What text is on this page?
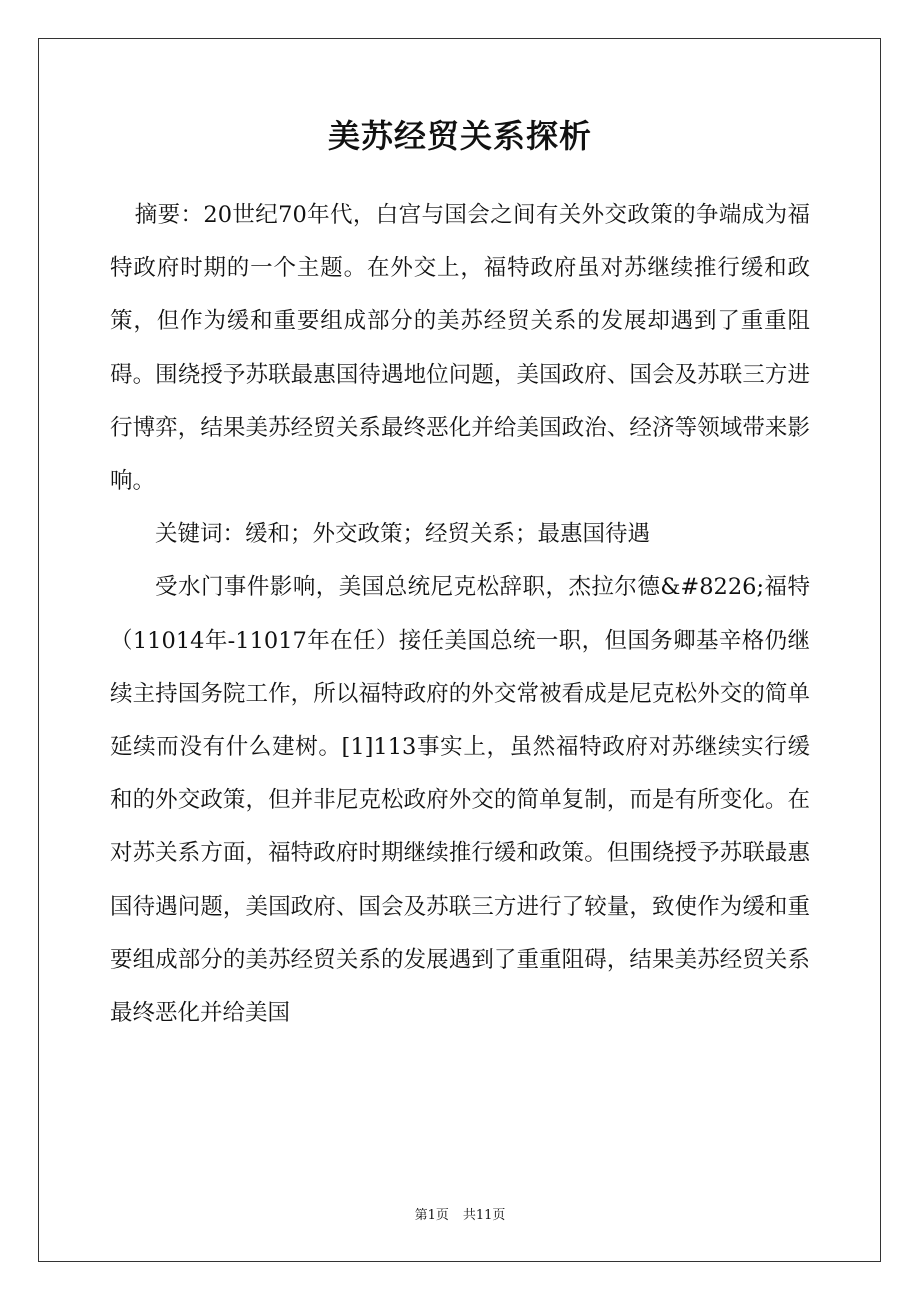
美苏经贸关系探析

摘要：20世纪70年代，白宫与国会之间有关外交政策的争端成为福特政府时期的一个主题。在外交上，福特政府虽对苏继续推行缓和政策，但作为缓和重要组成部分的美苏经贸关系的发展却遇到了重重阻碍。围绕授予苏联最惠国待遇地位问题，美国政府、国会及苏联三方进行博弈，结果美苏经贸关系最终恶化并给美国政治、经济等领域带来影响。

关键词：缓和；外交政策；经贸关系；最惠国待遇

受水门事件影响，美国总统尼克松辞职，杰拉尔德&#8226;福特（11014年-11017年在任）接任美国总统一职，但国务卿基辛格仍继续主持国务院工作，所以福特政府的外交常被看成是尼克松外交的简单延续而没有什么建树。[1]113事实上，虽然福特政府对苏继续实行缓和的外交政策，但并非尼克松政府外交的简单复制，而是有所变化。在对苏关系方面，福特政府时期继续推行缓和政策。但围绕授予苏联最惠国待遇问题，美国政府、国会及苏联三方进行了较量，致使作为缓和重要组成部分的美苏经贸关系的发展遇到了重重阻碍，结果美苏经贸关系最终恶化并给美国

第1页 共11页
